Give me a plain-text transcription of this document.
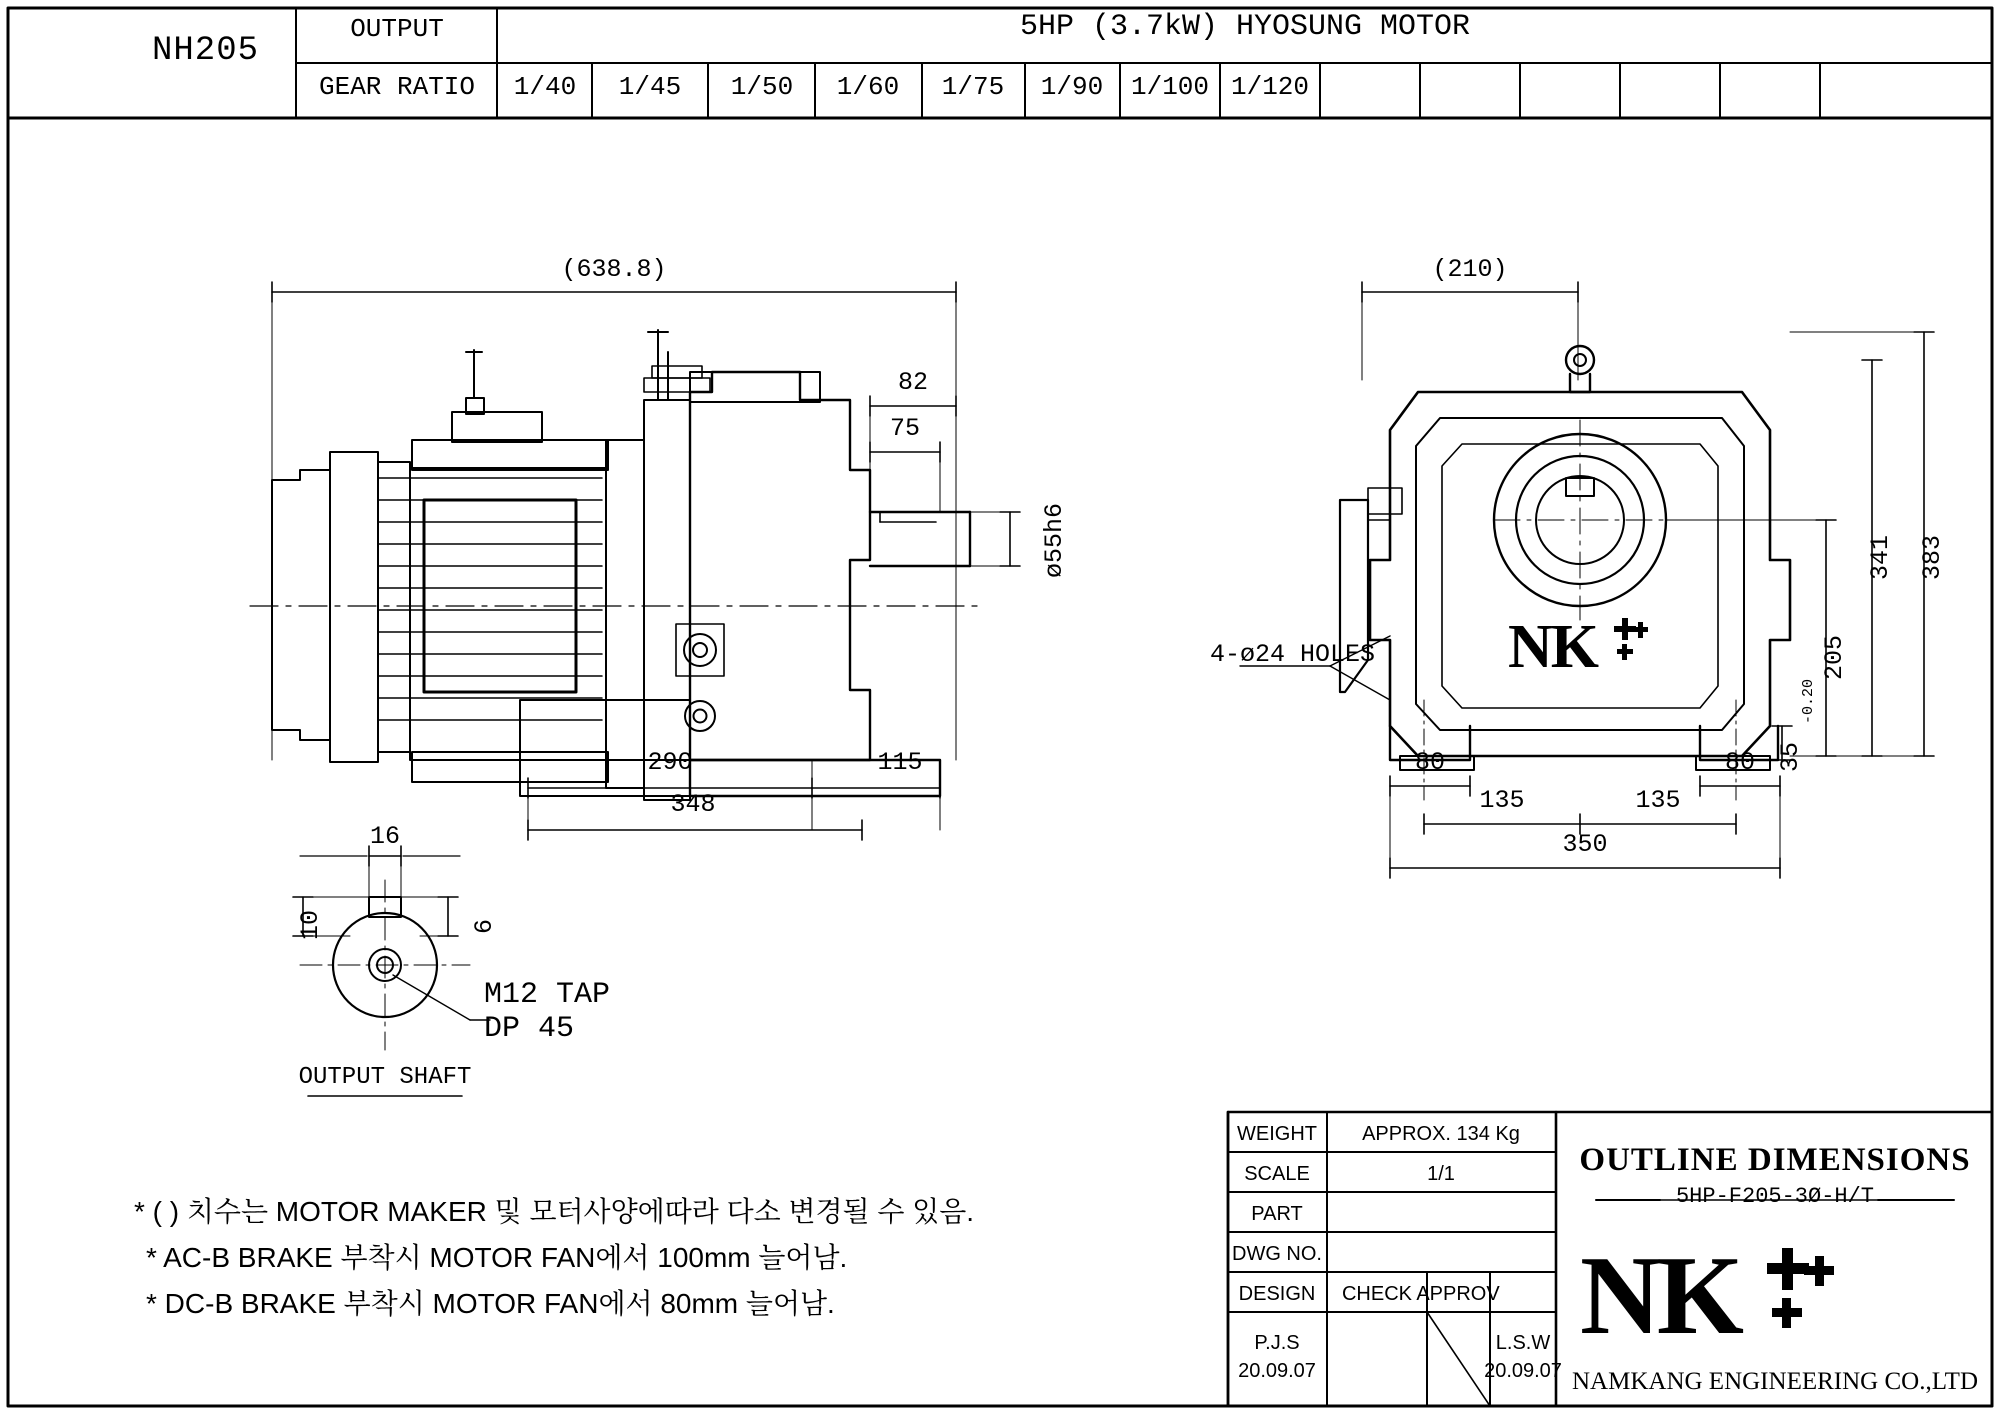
NH205
OUTPUT	5HP (3.7kW) HYOSUNG MOTOR
GEAR RATIO 1/40 1/45 1/50 1/60 1/75 1/90 1/100 1/120
(638.8)
82
75
ø55h6
290	115
348
(210)
4-ø24 HOLES
383
341
205
0
-0.2
35
80	80
135	135
350
NK
16
10	6
M12 TAP
DP 45
OUTPUT SHAFT
* ( ) 치수는 MOTOR MAKER 및 모터사양에따라 다소 변경될 수 있음.
* AC-B BRAKE 부착시 MOTOR FAN에서 100mm 늘어남.
* DC-B BRAKE 부착시 MOTOR FAN에서 80mm 늘어남.
WEIGHT APPROX. 134 Kg
SCALE	1/1
PART
DWG NO.
DESIGN CHECK APPROV
P.J.S
20.09.07
L.S.W
20.09.07
OUTLINE DIMENSIONS
5HP-F205-3Ø-H/T
NK
NAMKANG ENGINEERING CO.,LTD
